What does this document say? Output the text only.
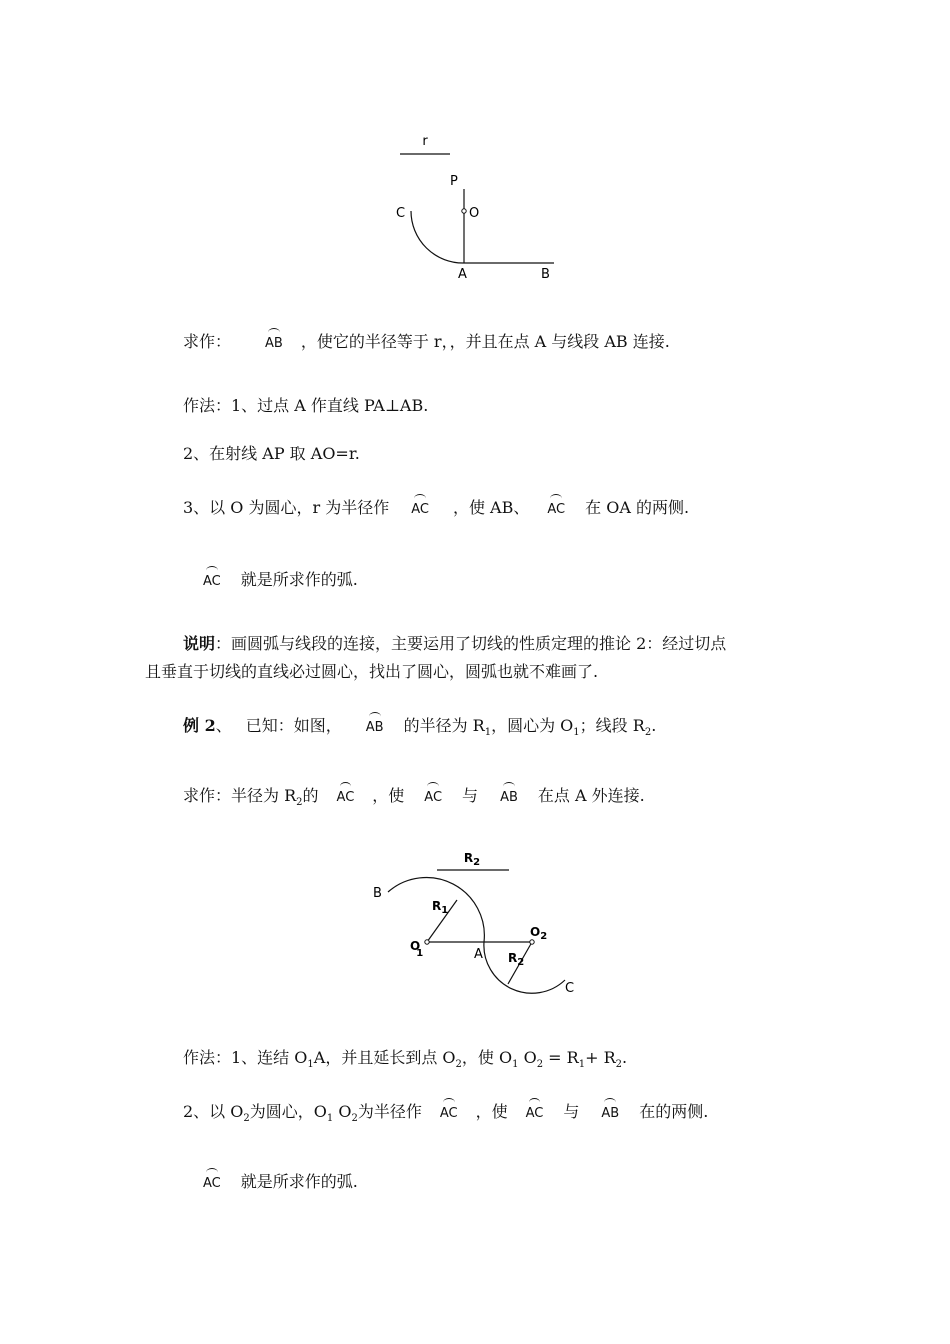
r
P
O
C
A	B
求作：	AB ，使它的半径等于 r，，并且在点 A 与线段 AB 连接.
作法：1、过点 A 作直线 PA⊥AB.
2、在射线 AP 取 AO=r.
3、以 O 为圆心，r 为半径作 AC ，使 AB、 AC 在 OA 的两侧.
AC 就是所求作的弧.
说明：画圆弧与线段的连接，主要运用了切线的性质定理的推论 2：经过切点
且垂直于切线的直线必过圆心，找出了圆心，圆弧也就不难画了.
例 2、 已知：如图， AB 的半径为 $R_1$，圆心为 $O_1$；线段 $R_2$.
求作：半径为 $R_2$的 AC ，使 AC 与 AB 在点 A 外连接.
$R_2$
B
$R_1$
O 1	A
$O_2$
$R_2$
C
作法：1、连结 $O_1A$，并且延长到点 $O_2$，使 $O_1$ $O_2 = R_1+ R_2$.
2、以 $O_2$为圆心，$O_1$ $O_2$为半径作 AC ，使 AC 与 AB 在的两侧.
AC 就是所求作的弧.
